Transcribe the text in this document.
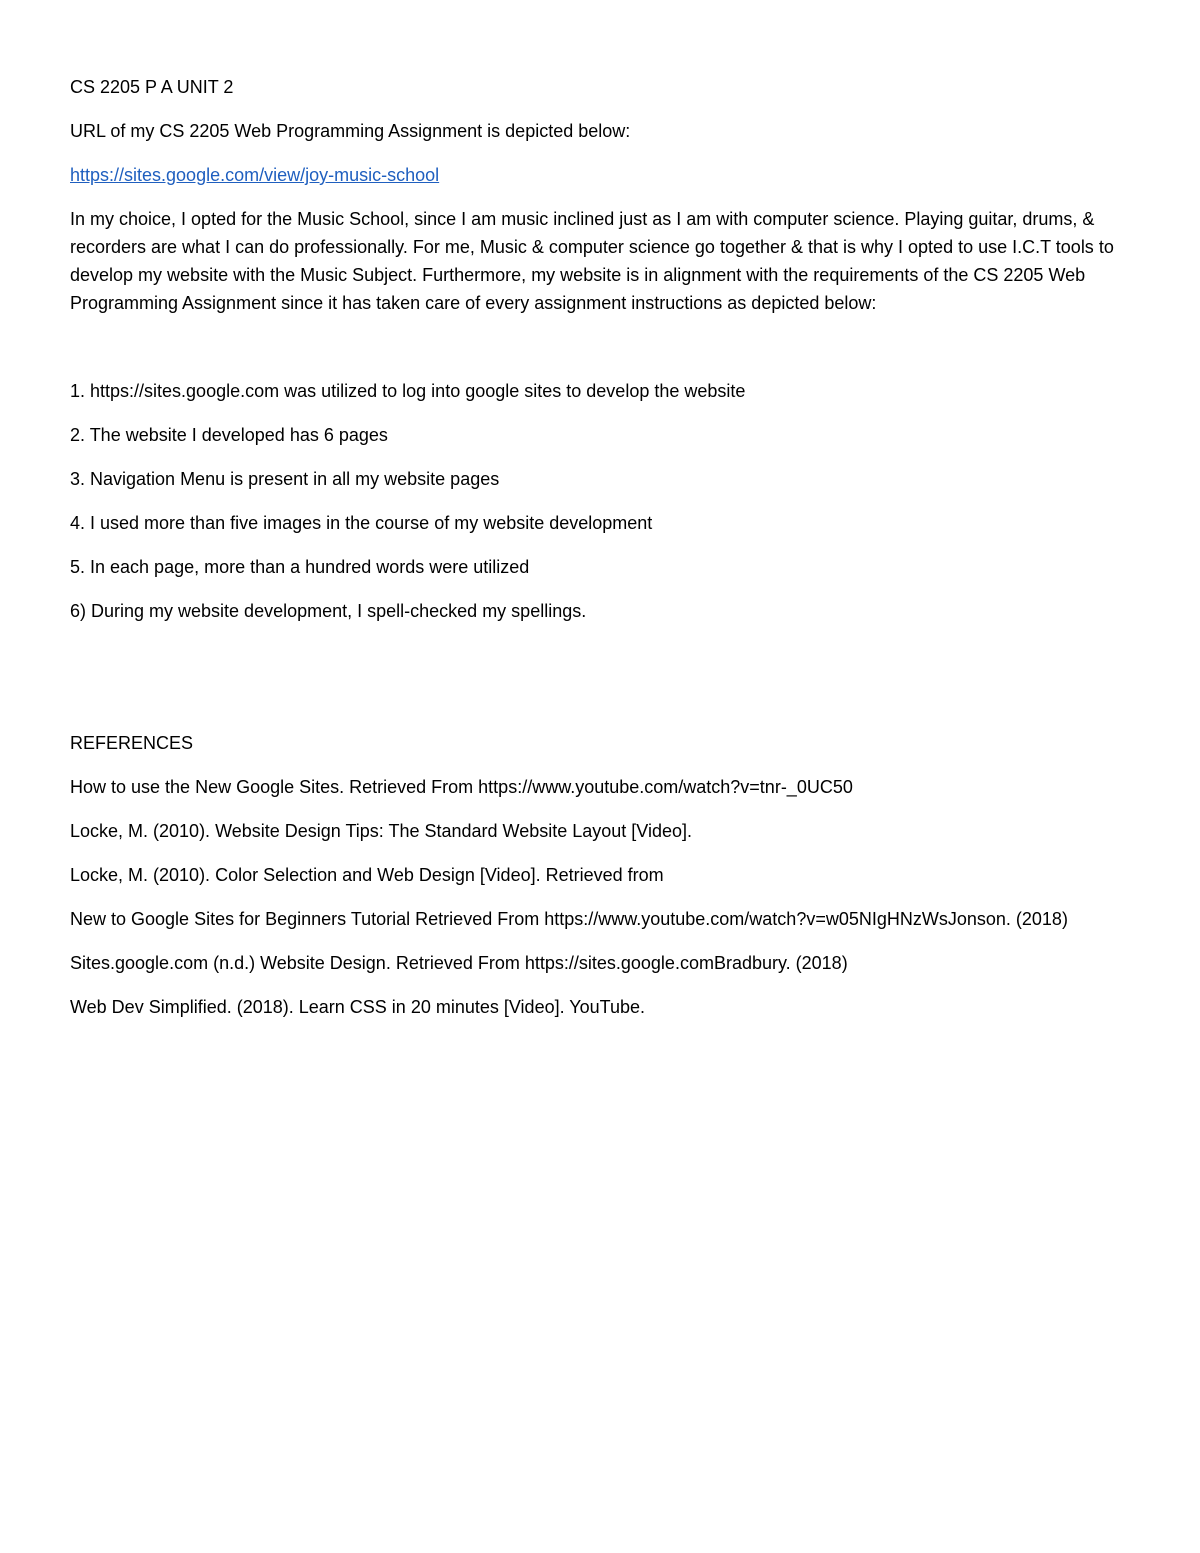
CS 2205 P A UNIT 2

URL of my CS 2205 Web Programming Assignment is depicted below:

https://sites.google.com/view/joy-music-school

In my choice, I opted for the Music School, since I am music inclined just as I am with computer science. Playing guitar, drums, & recorders are what I can do professionally. For me, Music & computer science go together & that is why I opted to use I.C.T tools to develop my website with the Music Subject. Furthermore, my website is in alignment with the requirements of the CS 2205 Web Programming Assignment since it has taken care of every assignment instructions as depicted below:

1. https://sites.google.com was utilized to log into google sites to develop the website

2. The website I developed has 6 pages

3. Navigation Menu is present in all my website pages

4. I used more than five images in the course of my website development

5. In each page, more than a hundred words were utilized

6) During my website development, I spell-checked my spellings.

REFERENCES

How to use the New Google Sites. Retrieved From https://www.youtube.com/watch?v=tnr-_0UC50

Locke, M. (2010). Website Design Tips: The Standard Website Layout [Video].

Locke, M. (2010). Color Selection and Web Design [Video]. Retrieved from

New to Google Sites for Beginners Tutorial Retrieved From https://www.youtube.com/watch?v=w05NIgHNzWsJonson. (2018)

Sites.google.com (n.d.) Website Design. Retrieved From https://sites.google.comBradbury. (2018)

Web Dev Simplified. (2018). Learn CSS in 20 minutes [Video]. YouTube.
